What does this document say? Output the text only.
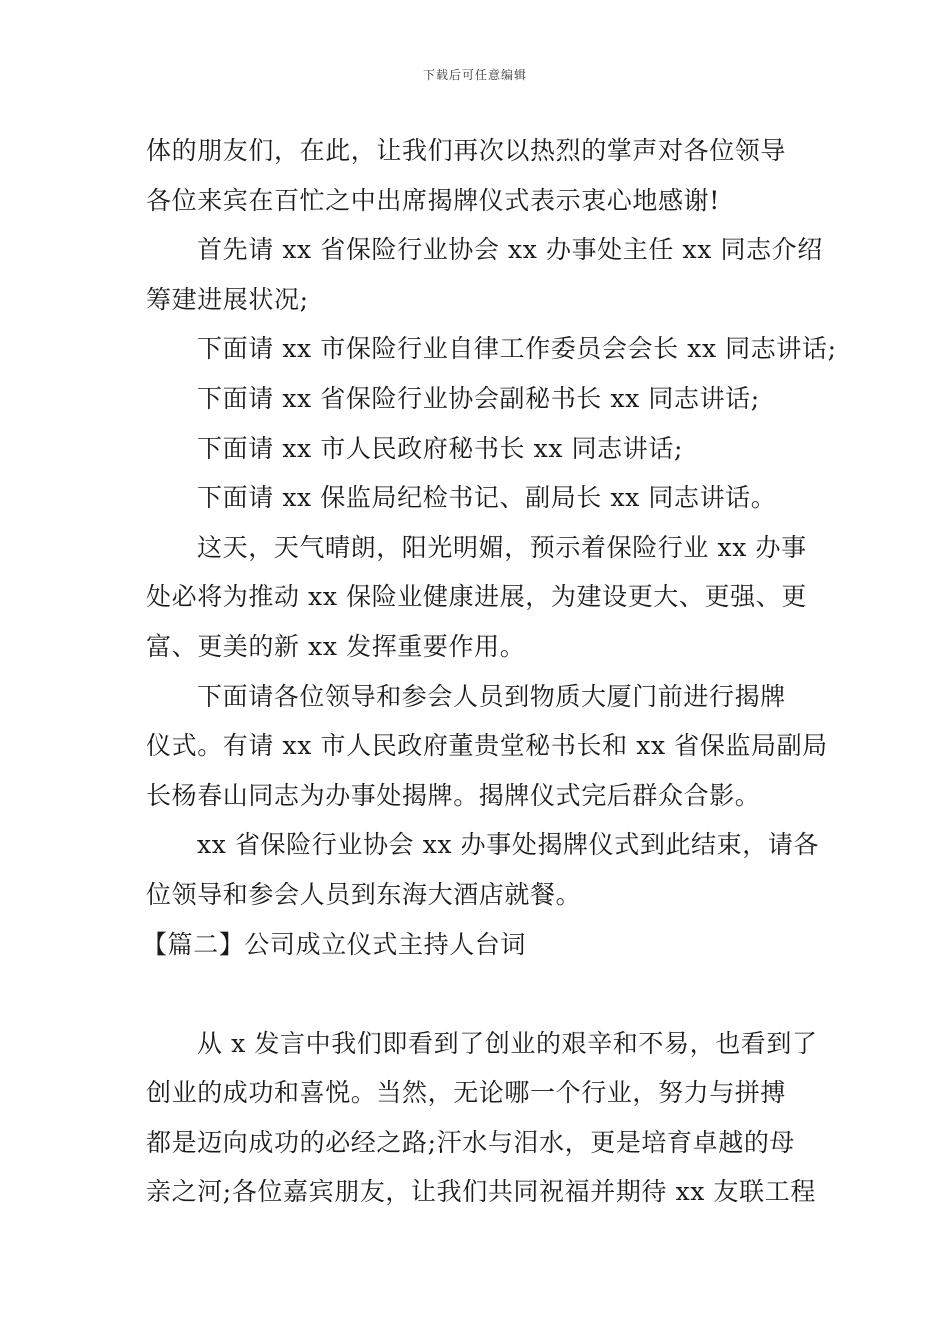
下载后可任意编辑
体的朋友们，在此，让我们再次以热烈的掌声对各位领导
各位来宾在百忙之中出席揭牌仪式表示衷心地感谢!
首先请 xx 省保险行业协会 xx 办事处主任 xx 同志介绍
筹建进展状况;
下面请 xx 市保险行业自律工作委员会会长 xx 同志讲话;
下面请 xx 省保险行业协会副秘书长 xx 同志讲话;
下面请 xx 市人民政府秘书长 xx 同志讲话;
下面请 xx 保监局纪检书记、副局长 xx 同志讲话。
这天，天气晴朗，阳光明媚，预示着保险行业 xx 办事
处必将为推动 xx 保险业健康进展，为建设更大、更强、更
富、更美的新 xx 发挥重要作用。
下面请各位领导和参会人员到物质大厦门前进行揭牌
仪式。有请 xx 市人民政府董贵堂秘书长和 xx 省保监局副局
长杨春山同志为办事处揭牌。揭牌仪式完后群众合影。
xx 省保险行业协会 xx 办事处揭牌仪式到此结束，请各
位领导和参会人员到东海大酒店就餐。
【篇二】公司成立仪式主持人台词
从 x 发言中我们即看到了创业的艰辛和不易，也看到了
创业的成功和喜悦。当然，无论哪一个行业，努力与拼搏
都是迈向成功的必经之路;汗水与泪水，更是培育卓越的母
亲之河;各位嘉宾朋友，让我们共同祝福并期待 xx 友联工程
